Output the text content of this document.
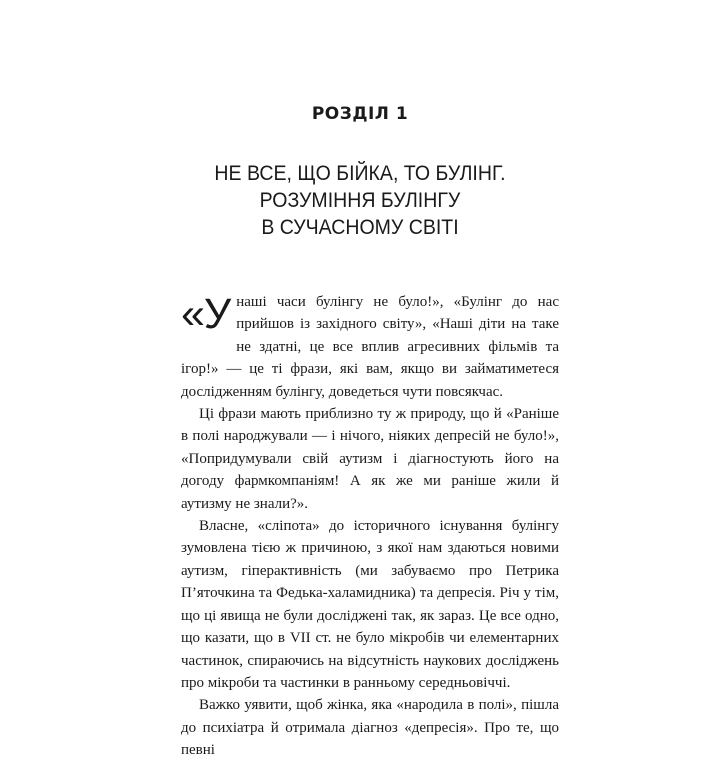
РОЗДІЛ 1
НЕ ВСЕ, ЩО БІЙКА, ТО БУЛІНГ.
РОЗУМІННЯ БУЛІНГУ
В СУЧАСНОМУ СВІТІ

«Унаші часи булінгу не було!», «Булінг до нас прийшов із західного світу», «Наші діти на таке не здатні, це все вплив агресивних фільмів та ігор!» — це ті фрази, які вам, якщо ви займатиметеся дослідженням булінгу, доведеться чути повсякчас.

Ці фрази мають приблизно ту ж природу, що й «Раніше в полі народжували — і нічого, ніяких депресій не було!», «Попридумували свій аутизм і діагностують його на догоду фармкомпаніям! А як же ми раніше жили й аутизму не знали?».

Власне, «сліпота» до історичного існування булінгу зумовлена тією ж причиною, з якої нам здаються новими аутизм, гіперактивність (ми забуваємо про Петрика П’яточкина та Федька-халамидника) та депресія. Річ у тім, що ці явища не були досліджені так, як зараз. Це все одно, що казати, що в VII ст. не було мікробів чи елементарних частинок, спираючись на відсутність наукових досліджень про мікроби та частинки в ранньому середньовіччі.

Важко уявити, щоб жінка, яка «народила в полі», пішла до психіатра й отримала діагноз «депресія». Про те, що певні
